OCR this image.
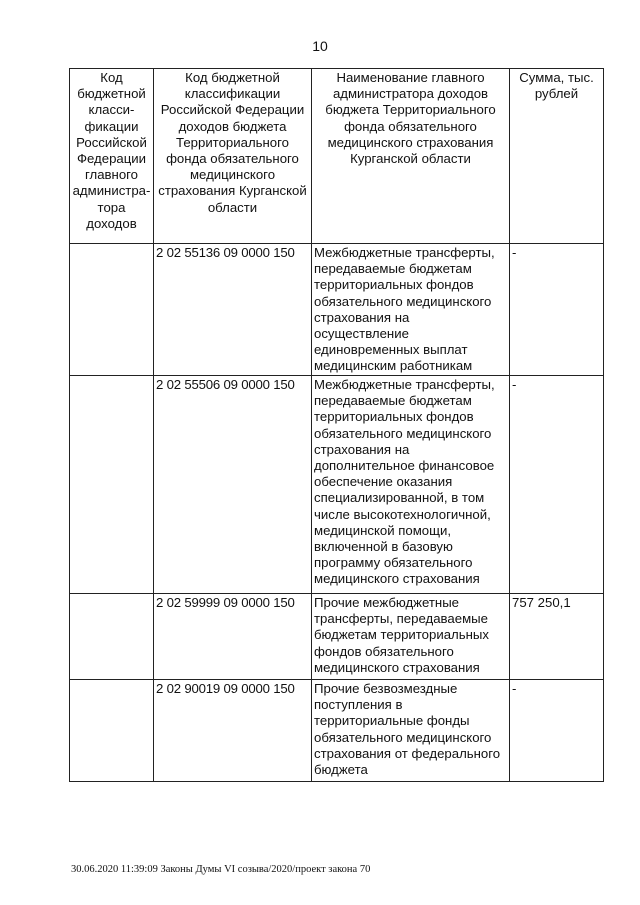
10
Код бюджетной класси-фикации Российской Федерации главного администра-тора доходов	Код бюджетной классификации Российской Федерации доходов бюджета Территориального фонда обязательного медицинского страхования Курганской области	Наименование главного администратора доходов бюджета Территориального фонда обязательного медицинского страхования Курганской области	Сумма, тыс. рублей
	2 02 55136 09 0000 150	Межбюджетные трансферты, передаваемые бюджетам территориальных фондов обязательного медицинского страхования на осуществление единовременных выплат медицинским работникам	-
	2 02 55506 09 0000 150	Межбюджетные трансферты, передаваемые бюджетам территориальных фондов обязательного медицинского страхования на дополнительное финансовое обеспечение оказания специализированной, в том числе высокотехнологичной, медицинской помощи, включенной в базовую программу обязательного медицинского страхования	-
	2 02 59999 09 0000 150	Прочие межбюджетные трансферты, передаваемые бюджетам территориальных фондов обязательного медицинского страхования	757 250,1
	2 02 90019 09 0000 150	Прочие безвозмездные поступления в территориальные фонды обязательного медицинского страхования от федерального бюджета	-
30.06.2020 11:39:09 Законы Думы VI созыва/2020/проект закона 70
